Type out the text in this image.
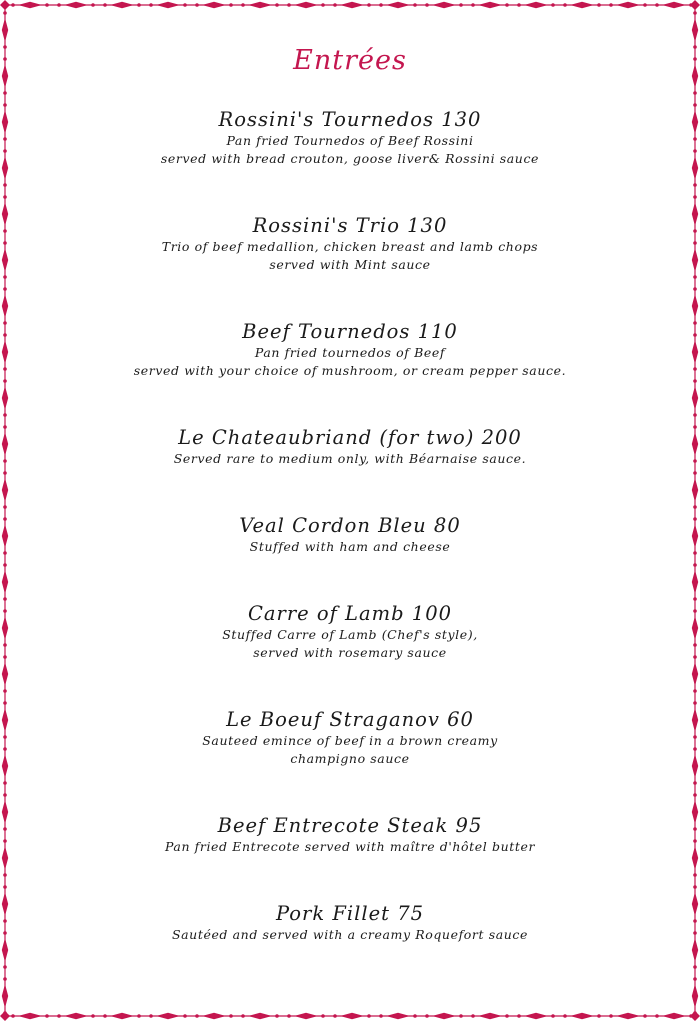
Entrées
Rossini's Tournedos 130
Pan fried Tournedos of Beef Rossini
served with bread crouton, goose liver& Rossini sauce
Rossini's Trio 130
Trio of beef medallion, chicken breast and lamb chops
served with Mint sauce
Beef Tournedos 110
Pan fried tournedos of Beef
served with your choice of mushroom, or cream pepper sauce.
Le Chateaubriand (for two) 200
Served rare to medium only, with Béarnaise sauce.
Veal Cordon Bleu 80
Stuffed with ham and cheese
Carre of Lamb 100
Stuffed Carre of Lamb (Chef's style),
served with rosemary sauce
Le Boeuf Straganov 60
Sauteed emince of beef in a brown creamy
champigno sauce
Beef Entrecote Steak 95
Pan fried Entrecote served with maître d'hôtel butter
Pork Fillet 75
Sautéed and served with a creamy Roquefort sauce
